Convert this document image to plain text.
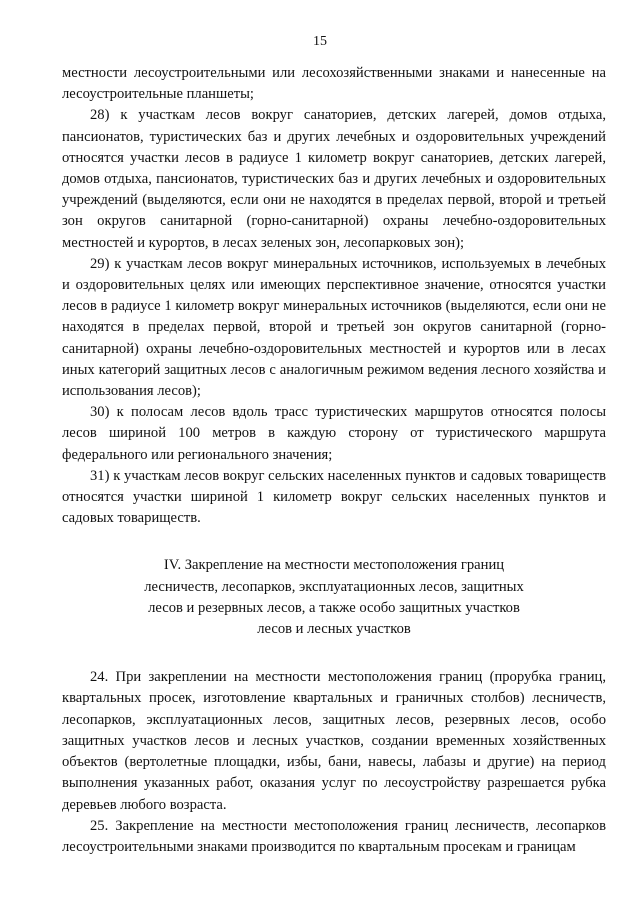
15

местности лесоустроительными или лесохозяйственными знаками и нанесенные на лесоустроительные планшеты;

28) к участкам лесов вокруг санаториев, детских лагерей, домов отдыха, пансионатов, туристических баз и других лечебных и оздоровительных учреждений относятся участки лесов в радиусе 1 километр вокруг санаториев, детских лагерей, домов отдыха, пансионатов, туристических баз и других лечебных и оздоровительных учреждений (выделяются, если они не находятся в пределах первой, второй и третьей зон округов санитарной (горно-санитарной) охраны лечебно-оздоровительных местностей и курортов, в лесах зеленых зон, лесопарковых зон);

29) к участкам лесов вокруг минеральных источников, используемых в лечебных и оздоровительных целях или имеющих перспективное значение, относятся участки лесов в радиусе 1 километр вокруг минеральных источников (выделяются, если они не находятся в пределах первой, второй и третьей зон округов санитарной (горно-санитарной) охраны лечебно-оздоровительных местностей и курортов или в лесах иных категорий защитных лесов с аналогичным режимом ведения лесного хозяйства и использования лесов);

30) к полосам лесов вдоль трасс туристических маршрутов относятся полосы лесов шириной 100 метров в каждую сторону от туристического маршрута федерального или регионального значения;

31) к участкам лесов вокруг сельских населенных пунктов и садовых товариществ относятся участки шириной 1 километр вокруг сельских населенных пунктов и садовых товариществ.

IV. Закрепление на местности местоположения границ
лесничеств, лесопарков, эксплуатационных лесов, защитных
лесов и резервных лесов, а также особо защитных участков
лесов и лесных участков

24. При закреплении на местности местоположения границ (прорубка границ, квартальных просек, изготовление квартальных и граничных столбов) лесничеств, лесопарков, эксплуатационных лесов, защитных лесов, резервных лесов, особо защитных участков лесов и лесных участков, создании временных хозяйственных объектов (вертолетные площадки, избы, бани, навесы, лабазы и другие) на период выполнения указанных работ, оказания услуг по лесоустройству разрешается рубка деревьев любого возраста.

25. Закрепление на местности местоположения границ лесничеств, лесопарков лесоустроительными знаками производится по квартальным просекам и границам
